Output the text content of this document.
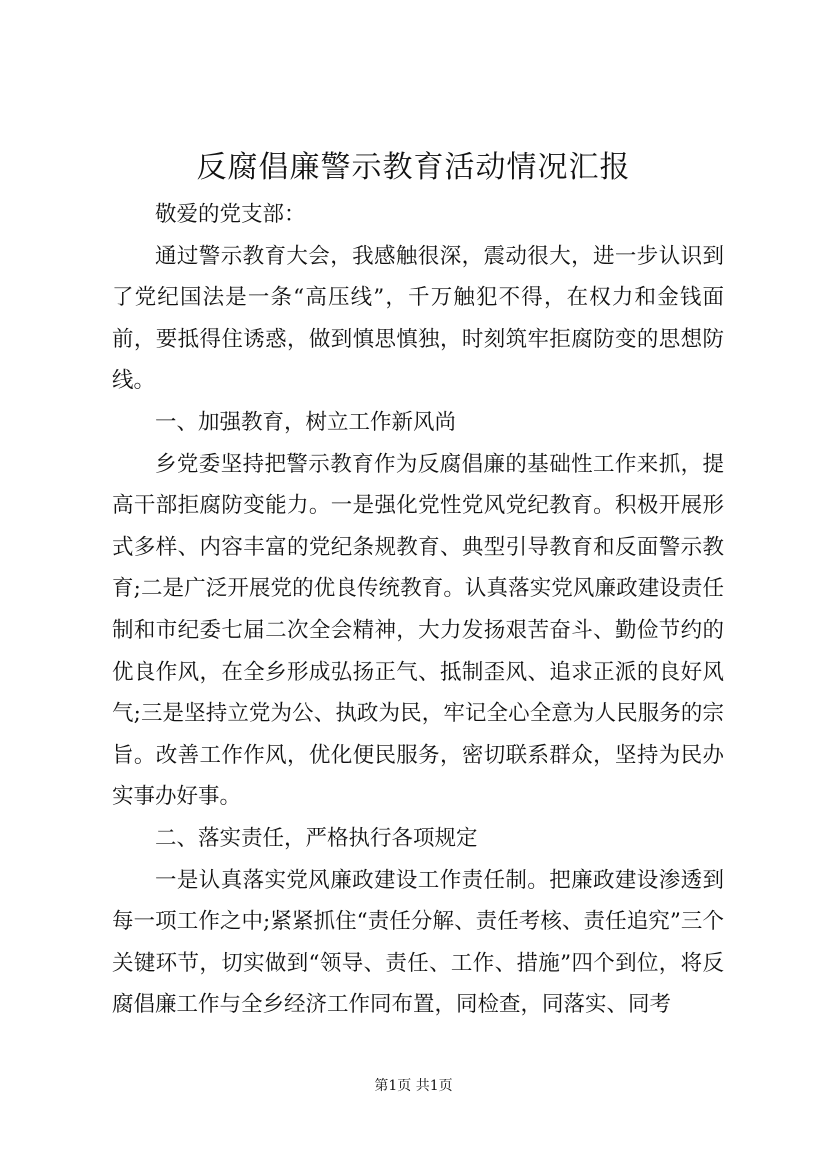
反腐倡廉警示教育活动情况汇报

敬爱的党支部：

通过警示教育大会，我感触很深，震动很大，进一步认识到了党纪国法是一条“高压线”，千万触犯不得，在权力和金钱面前，要抵得住诱惑，做到慎思慎独，时刻筑牢拒腐防变的思想防线。

一、加强教育，树立工作新风尚

乡党委坚持把警示教育作为反腐倡廉的基础性工作来抓，提高干部拒腐防变能力。一是强化党性党风党纪教育。积极开展形式多样、内容丰富的党纪条规教育、典型引导教育和反面警示教育;二是广泛开展党的优良传统教育。认真落实党风廉政建设责任制和市纪委七届二次全会精神，大力发扬艰苦奋斗、勤俭节约的优良作风，在全乡形成弘扬正气、抵制歪风、追求正派的良好风气;三是坚持立党为公、执政为民，牢记全心全意为人民服务的宗旨。改善工作作风，优化便民服务，密切联系群众，坚持为民办实事办好事。

二、落实责任，严格执行各项规定

一是认真落实党风廉政建设工作责任制。把廉政建设渗透到每一项工作之中;紧紧抓住“责任分解、责任考核、责任追究”三个关键环节，切实做到“领导、责任、工作、措施”四个到位，将反腐倡廉工作与全乡经济工作同布置，同检查，同落实、同考

第1页 共1页
